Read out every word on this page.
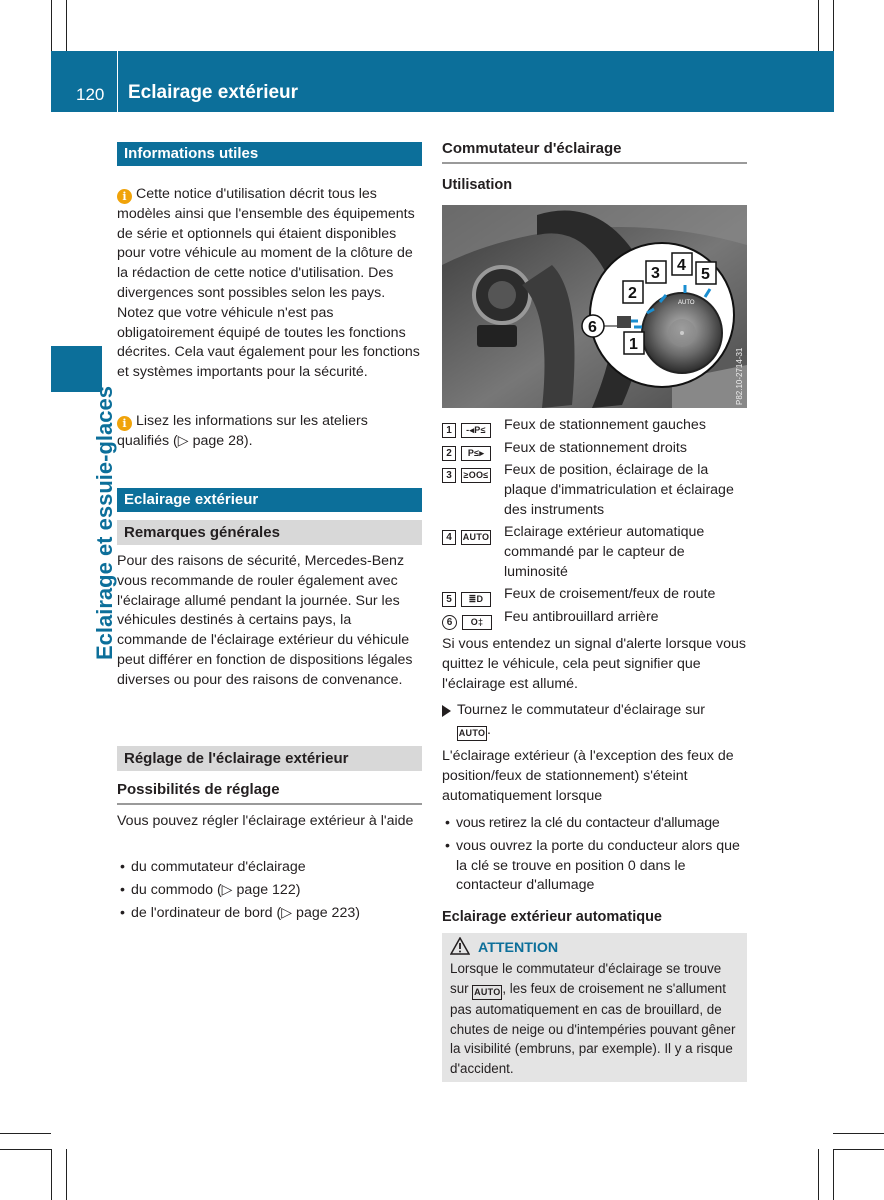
120	Eclairage extérieur
Eclairage et essuie-glaces
Informations utiles
i Cette notice d'utilisation décrit tous les modèles ainsi que l'ensemble des équipements de série et optionnels qui étaient disponibles pour votre véhicule au moment de la clôture de la rédaction de cette notice d'utilisation. Des divergences sont possibles selon les pays. Notez que votre véhicule n'est pas obligatoirement équipé de toutes les fonctions décrites. Cela vaut également pour les fonctions et systèmes importants pour la sécurité.
i Lisez les informations sur les ateliers qualifiés (▷ page 28).
Eclairage extérieur
Remarques générales
Pour des raisons de sécurité, Mercedes-Benz vous recommande de rouler également avec l'éclairage allumé pendant la journée. Sur les véhicules destinés à certains pays, la commande de l'éclairage extérieur du véhicule peut différer en fonction de dispositions légales diverses ou pour des raisons de convenance.
Réglage de l'éclairage extérieur
Possibilités de réglage
Vous pouvez régler l'éclairage extérieur à l'aide
• du commutateur d'éclairage
• du commodo (▷ page 122)
• de l'ordinateur de bord (▷ page 223)
Commutateur d'éclairage
Utilisation
AUTO
3 4
5
2
1
6
P82.10-2714-31
1 -◂P≤	Feux de stationnement gauches
2 P≤▸	Feux de stationnement droits
3 ≥OO≤ Feux de position, éclairage de la plaque d'immatriculation et éclairage des instruments
4 AUTO Eclairage extérieur automatique commandé par le capteur de luminosité
5 ≣D	Feux de croisement/feux de route
6 O‡	Feu antibrouillard arrière
Si vous entendez un signal d'alerte lorsque vous quittez le véhicule, cela peut signifier que l'éclairage est allumé.
Tournez le commutateur d'éclairage sur
AUTO .
L'éclairage extérieur (à l'exception des feux de position/feux de stationnement) s'éteint automatiquement lorsque
• vous retirez la clé du contacteur d'allumage
• vous ouvrez la porte du conducteur alors que la clé se trouve en position 0 dans le contacteur d'allumage
Eclairage extérieur automatique
ATTENTION
Lorsque le commutateur d'éclairage se trouve sur AUTO , les feux de croisement ne s'allument pas automatiquement en cas de brouillard, de chutes de neige ou d'intempéries pouvant gêner la visibilité (embruns, par exemple). Il y a risque d'accident.
